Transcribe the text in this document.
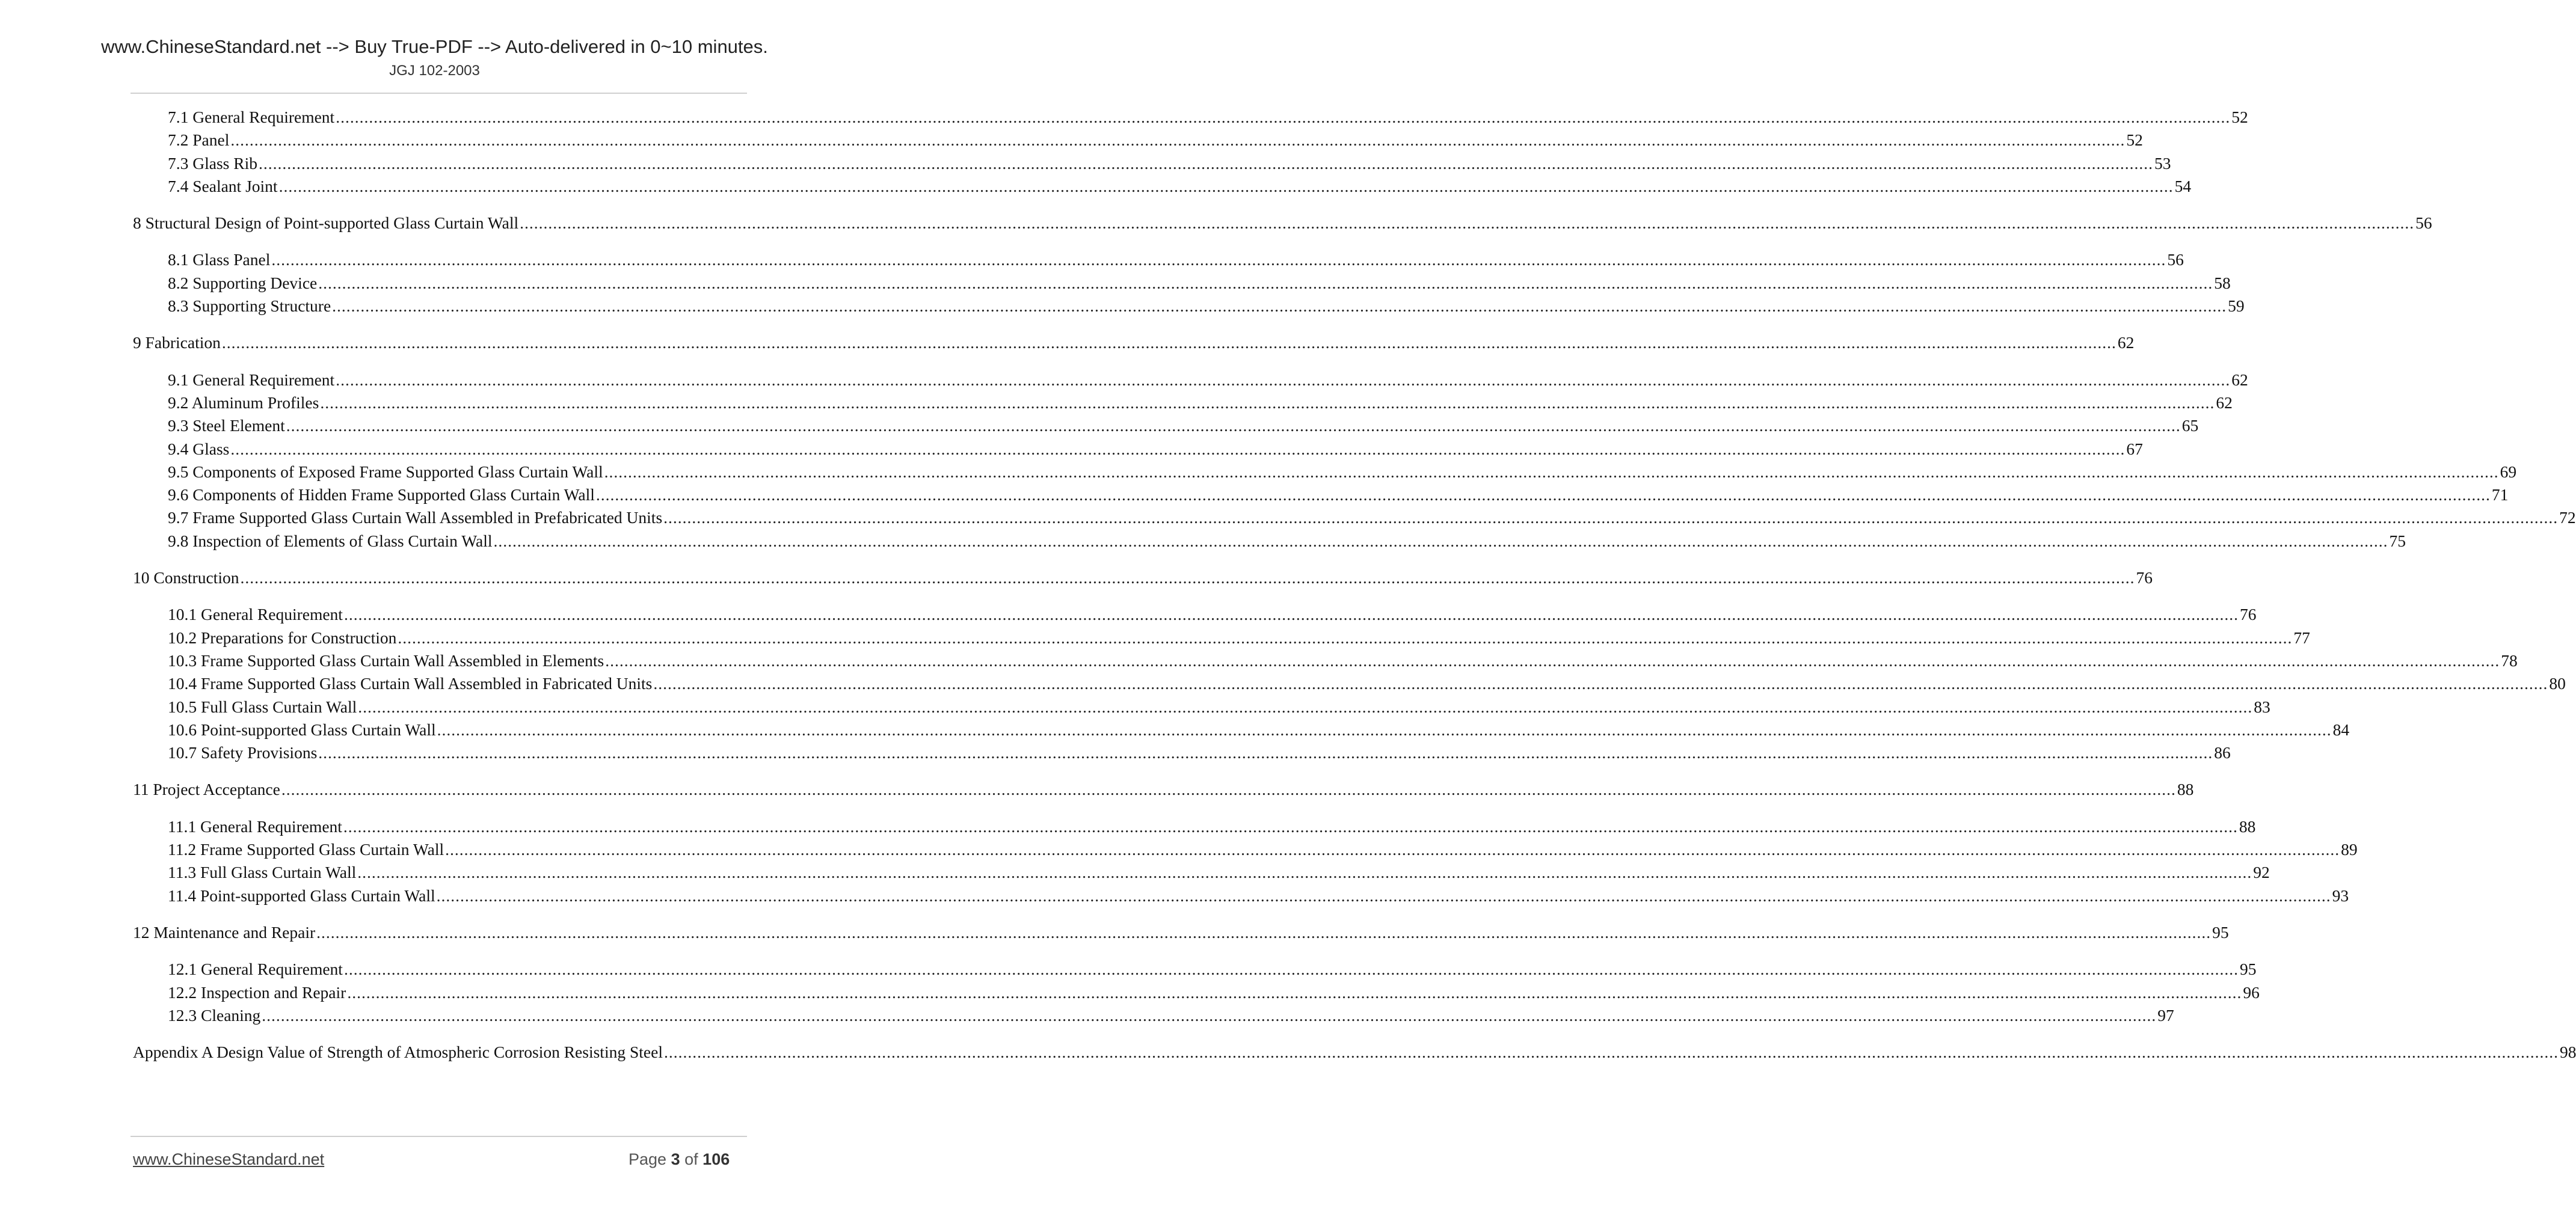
www.ChineseStandard.net --> Buy True-PDF --> Auto-delivered in 0~10 minutes.
JGJ 102-2003
7.1 General Requirement ................................................................................................................................................................................................................................................................................................................................................................................................................ 52
7.2 Panel ................................................................................................................................................................................................................................................................................................................................................................................................................ 52
7.3 Glass Rib ................................................................................................................................................................................................................................................................................................................................................................................................................ 53
7.4 Sealant Joint ................................................................................................................................................................................................................................................................................................................................................................................................................ 54
8 Structural Design of Point-supported Glass Curtain Wall ................................................................................................................................................................................................................................................................................................................................................................................................................ 56
8.1 Glass Panel ................................................................................................................................................................................................................................................................................................................................................................................................................ 56
8.2 Supporting Device ................................................................................................................................................................................................................................................................................................................................................................................................................ 58
8.3 Supporting Structure ................................................................................................................................................................................................................................................................................................................................................................................................................ 59
9 Fabrication ................................................................................................................................................................................................................................................................................................................................................................................................................ 62
9.1 General Requirement ................................................................................................................................................................................................................................................................................................................................................................................................................ 62
9.2 Aluminum Profiles ................................................................................................................................................................................................................................................................................................................................................................................................................ 62
9.3 Steel Element ................................................................................................................................................................................................................................................................................................................................................................................................................ 65
9.4 Glass ................................................................................................................................................................................................................................................................................................................................................................................................................ 67
9.5 Components of Exposed Frame Supported Glass Curtain Wall ................................................................................................................................................................................................................................................................................................................................................................................................................ 69
9.6 Components of Hidden Frame Supported Glass Curtain Wall ................................................................................................................................................................................................................................................................................................................................................................................................................ 71
9.7 Frame Supported Glass Curtain Wall Assembled in Prefabricated Units ................................................................................................................................................................................................................................................................................................................................................................................................................ 72
9.8 Inspection of Elements of Glass Curtain Wall ................................................................................................................................................................................................................................................................................................................................................................................................................ 75
10 Construction ................................................................................................................................................................................................................................................................................................................................................................................................................ 76
10.1 General Requirement ................................................................................................................................................................................................................................................................................................................................................................................................................ 76
10.2 Preparations for Construction ................................................................................................................................................................................................................................................................................................................................................................................................................ 77
10.3 Frame Supported Glass Curtain Wall Assembled in Elements ................................................................................................................................................................................................................................................................................................................................................................................................................ 78
10.4 Frame Supported Glass Curtain Wall Assembled in Fabricated Units ................................................................................................................................................................................................................................................................................................................................................................................................................ 80
10.5 Full Glass Curtain Wall ................................................................................................................................................................................................................................................................................................................................................................................................................ 83
10.6 Point-supported Glass Curtain Wall ................................................................................................................................................................................................................................................................................................................................................................................................................ 84
10.7 Safety Provisions ................................................................................................................................................................................................................................................................................................................................................................................................................ 86
11 Project Acceptance ................................................................................................................................................................................................................................................................................................................................................................................................................ 88
11.1 General Requirement ................................................................................................................................................................................................................................................................................................................................................................................................................ 88
11.2 Frame Supported Glass Curtain Wall ................................................................................................................................................................................................................................................................................................................................................................................................................ 89
11.3 Full Glass Curtain Wall ................................................................................................................................................................................................................................................................................................................................................................................................................ 92
11.4 Point-supported Glass Curtain Wall ................................................................................................................................................................................................................................................................................................................................................................................................................ 93
12 Maintenance and Repair ................................................................................................................................................................................................................................................................................................................................................................................................................ 95
12.1 General Requirement ................................................................................................................................................................................................................................................................................................................................................................................................................ 95
12.2 Inspection and Repair ................................................................................................................................................................................................................................................................................................................................................................................................................ 96
12.3 Cleaning ................................................................................................................................................................................................................................................................................................................................................................................................................ 97
Appendix A Design Value of Strength of Atmospheric Corrosion Resisting Steel ................................................................................................................................................................................................................................................................................................................................................................................................................ 98
www.ChineseStandard.net	Page 3 of 106
